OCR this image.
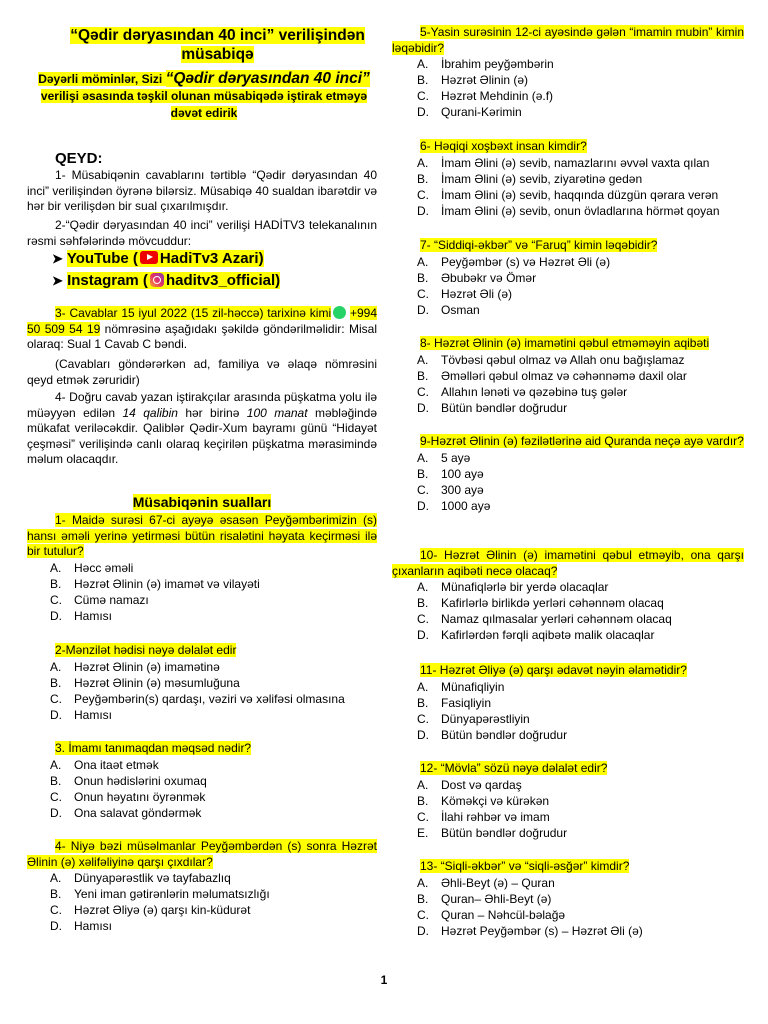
“Qədir dəryasından 40 inci” verilişindən müsabiqə
Dəyərli möminlər, Sizi “Qədir dəryasından 40 inci” verilişi əsasında təşkil olunan müsabiqədə iştirak etməyə dəvət edirik
QEYD:
1- Müsabiqənin cavablarını tərtiblə “Qədir dəryasından 40 inci” verilişindən öyrənə bilərsiz. Müsabiqə 40 sualdan ibarətdir və hər bir verilişdən bir sual çıxarılmışdır.
2-“Qədir dəryasından 40 inci” verilişi HADİTV3 telekanalının rəsmi səhfələrində mövcuddur:
➤ YouTube ( HadiTv3 Azari)
➤ Instagram ( haditv3_official)
3- Cavablar 15 iyul 2022 (15 zil-həccə) tarixinə kimi +994 50 509 54 19 nömrəsinə aşağıdakı şəkildə göndərilməlidir: Misal olaraq: Sual 1 Cavab C bəndi.
(Cavabları göndərərkən ad, familiya və əlaqə nömrəsini qeyd etmək zəruridir)
4- Doğru cavab yazan iştirakçılar arasında püşkatma yolu ilə müəyyən edilən 14 qalibin hər birinə 100 manat məbləğində mükafat veriləcəkdir. Qaliblər Qədir-Xum bayramı günü “Hidayət çeşməsi” verilişində canlı olaraq keçirilən püşkatma mərasimində məlum olacaqdır.
Müsabiqənin sualları
1- Maidə surəsi 67-ci ayəyə əsasən Peyğəmbərimizin (s) hansı əməli yerinə yetirməsi bütün risalətini həyata keçirməsi ilə bir tutulur?
A.	Həcc əməli
B.	Həzrət Əlinin (ə) imamət və vilayəti
C.	Cümə namazı
D.	Hamısı
2-Mənzilət hədisi nəyə dəlalət edir
A.	Həzrət Əlinin (ə) imamətinə
B.	Həzrət Əlinin (ə) məsumluğuna
C.	Peyğəmbərin(s) qardaşı, vəziri və xəlifəsi olmasına
D.	Hamısı
3. İmamı tanımaqdan məqsəd nədir?
A.	Ona itaət etmək
B.	Onun hədislərini oxumaq
C.	Onun həyatını öyrənmək
D.	Ona salavat göndərmək
4- Niyə bəzi müsəlmanlar Peyğəmbərdən (s) sonra Həzrət Əlinin (ə) xəlifəliyinə qarşı çıxdılar?
A.	Dünyapərəstlik və tayfabazlıq
B.	Yeni iman gətirənlərin məlumatsızlığı
C.	Həzrət Əliyə (ə) qarşı kin-küdurət
D.	Hamısı
5-Yasin surəsinin 12-ci ayəsində gələn “imamin mubin” kimin ləqəbidir?
A.	İbrahim peyğəmbərin
B.	Həzrət Əlinin (ə)
C.	Həzrət Mehdinin (ə.f)
D.	Qurani-Kərimin
6- Həqiqi xoşbəxt insan kimdir?
A.	İmam Əlini (ə) sevib, namazlarını əvvəl vaxta qılan
B.	İmam Əlini (ə) sevib, ziyarətinə gedən
C.	İmam Əlini (ə) sevib, haqqında düzgün qərara verən
D.	İmam Əlini (ə) sevib, onun övladlarına hörmət qoyan
7- “Siddiqi-əkbər” və “Faruq” kimin ləqəbidir?
A.	Peyğəmbər (s) və Həzrət Əli (ə)
B.	Əbubəkr və Ömər
C.	Həzrət Əli (ə)
D.	Osman
8- Həzrət Əlinin (ə) imamətini qəbul etməməyin aqibəti
A.	Tövbəsi qəbul olmaz və Allah onu bağışlamaz
B.	Əməlləri qəbul olmaz və cəhənnəmə daxil olar
C.	Allahın lənəti və qəzəbinə tuş gələr
D.	Bütün bəndlər doğrudur
9-Həzrət Əlinin (ə) fəzilətlərinə aid Quranda neçə ayə vardır?
A.	5 ayə
B.	100 ayə
C.	300 ayə
D.	1000 ayə
10- Həzrət Əlinin (ə) imamətini qəbul etməyib, ona qarşı çıxanların aqibəti necə olacaq?
A.	Münafiqlərlə bir yerdə olacaqlar
B.	Kafirlərlə birlikdə yerləri cəhənnəm olacaq
C.	Namaz qılmasalar yerləri cəhənnəm olacaq
D.	Kafirlərdən fərqli aqibətə malik olacaqlar
11- Həzrət Əliyə (ə) qarşı ədavət nəyin əlamətidir?
A.	Münafiqliyin
B.	Fasiqliyin
C.	Dünyapərəstliyin
D.	Bütün bəndlər doğrudur
12- “Mövla” sözü nəyə dəlalət edir?
A.	Dost və qardaş
B.	Köməkçi və kürəkən
C.	İlahi rəhbər və imam
E.	Bütün bəndlər doğrudur
13- “Siqli-əkbər” və “siqli-əsğər” kimdir?
A.	Əhli-Beyt (ə) – Quran
B.	Quran– Əhli-Beyt (ə)
C.	Quran – Nəhcül-bəlağə
D.	Həzrət Peyğəmbər (s) – Həzrət Əli (ə)
1
